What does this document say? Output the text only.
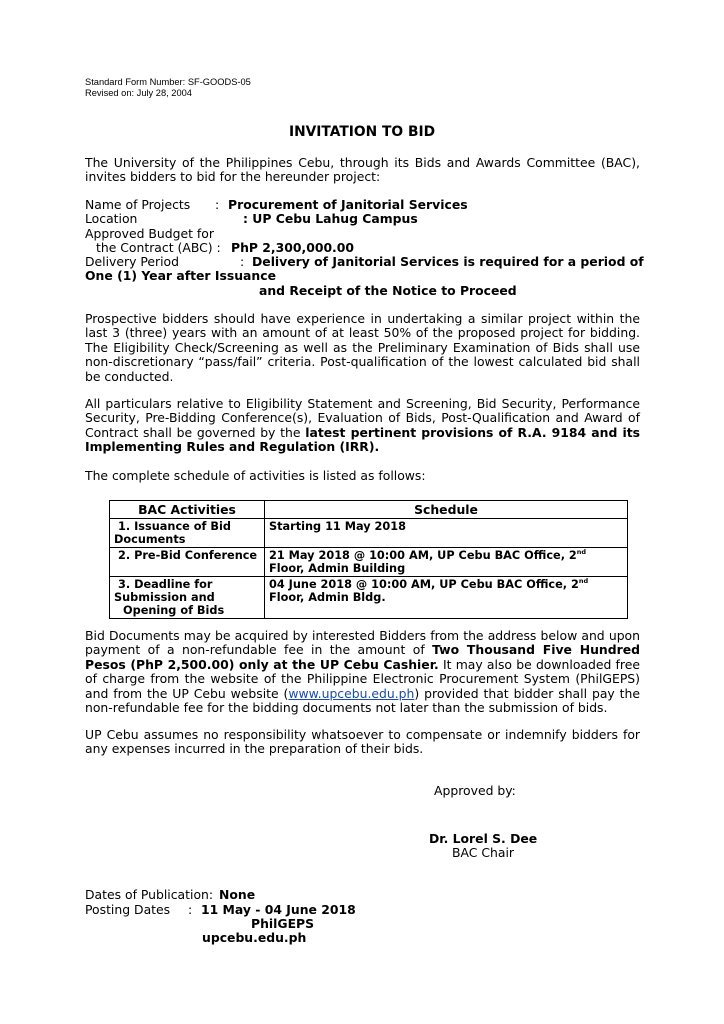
Standard Form Number: SF-GOODS-05
Revised on: July 28, 2004
INVITATION TO BID
The University of the Philippines Cebu, through its Bids and Awards Committee (BAC), invites bidders to bid for the hereunder project:
Name of Projects : Procurement of Janitorial Services
Location	: UP Cebu Lahug Campus
Approved Budget for
the Contract (ABC) : PhP 2,300,000.00
Delivery Period	: Delivery of Janitorial Services is required for a period of
One (1) Year after Issuance
and Receipt of the Notice to Proceed
Prospective bidders should have experience in undertaking a similar project within the last 3 (three) years with an amount of at least 50% of the proposed project for bidding. The Eligibility Check/Screening as well as the Preliminary Examination of Bids shall use non-discretionary “pass/fail” criteria. Post-qualification of the lowest calculated bid shall be conducted.
All particulars relative to Eligibility Statement and Screening, Bid Security, Performance Security, Pre-Bidding Conference(s), Evaluation of Bids, Post-Qualification and Award of Contract shall be governed by the latest pertinent provisions of R.A. 9184 and its Implementing Rules and Regulation (IRR).
The complete schedule of activities is listed as follows:
BAC Activities	Schedule

1. Issuance of Bid
Documents	Starting 11 May 2018

2. Pre-Bid Conference	21 May 2018 @ 10:00 AM, UP Cebu BAC Office, 2nd
Floor, Admin Building

3. Deadline for
Submission and
Opening of Bids	04 June 2018 @ 10:00 AM, UP Cebu BAC Office, 2nd
Floor, Admin Bldg.
Bid Documents may be acquired by interested Bidders from the address below and upon payment of a non-refundable fee in the amount of Two Thousand Five Hundred Pesos (PhP 2,500.00) only at the UP Cebu Cashier. It may also be downloaded free of charge from the website of the Philippine Electronic Procurement System (PhilGEPS) and from the UP Cebu website (www.upcebu.edu.ph) provided that bidder shall pay the non-refundable fee for the bidding documents not later than the submission of bids.
UP Cebu assumes no responsibility whatsoever to compensate or indemnify bidders for any expenses incurred in the preparation of their bids.
Approved by:
Dr. Lorel S. Dee
BAC Chair
Dates of Publication: None
Posting Dates : 11 May - 04 June 2018
PhilGEPS
upcebu.edu.ph
